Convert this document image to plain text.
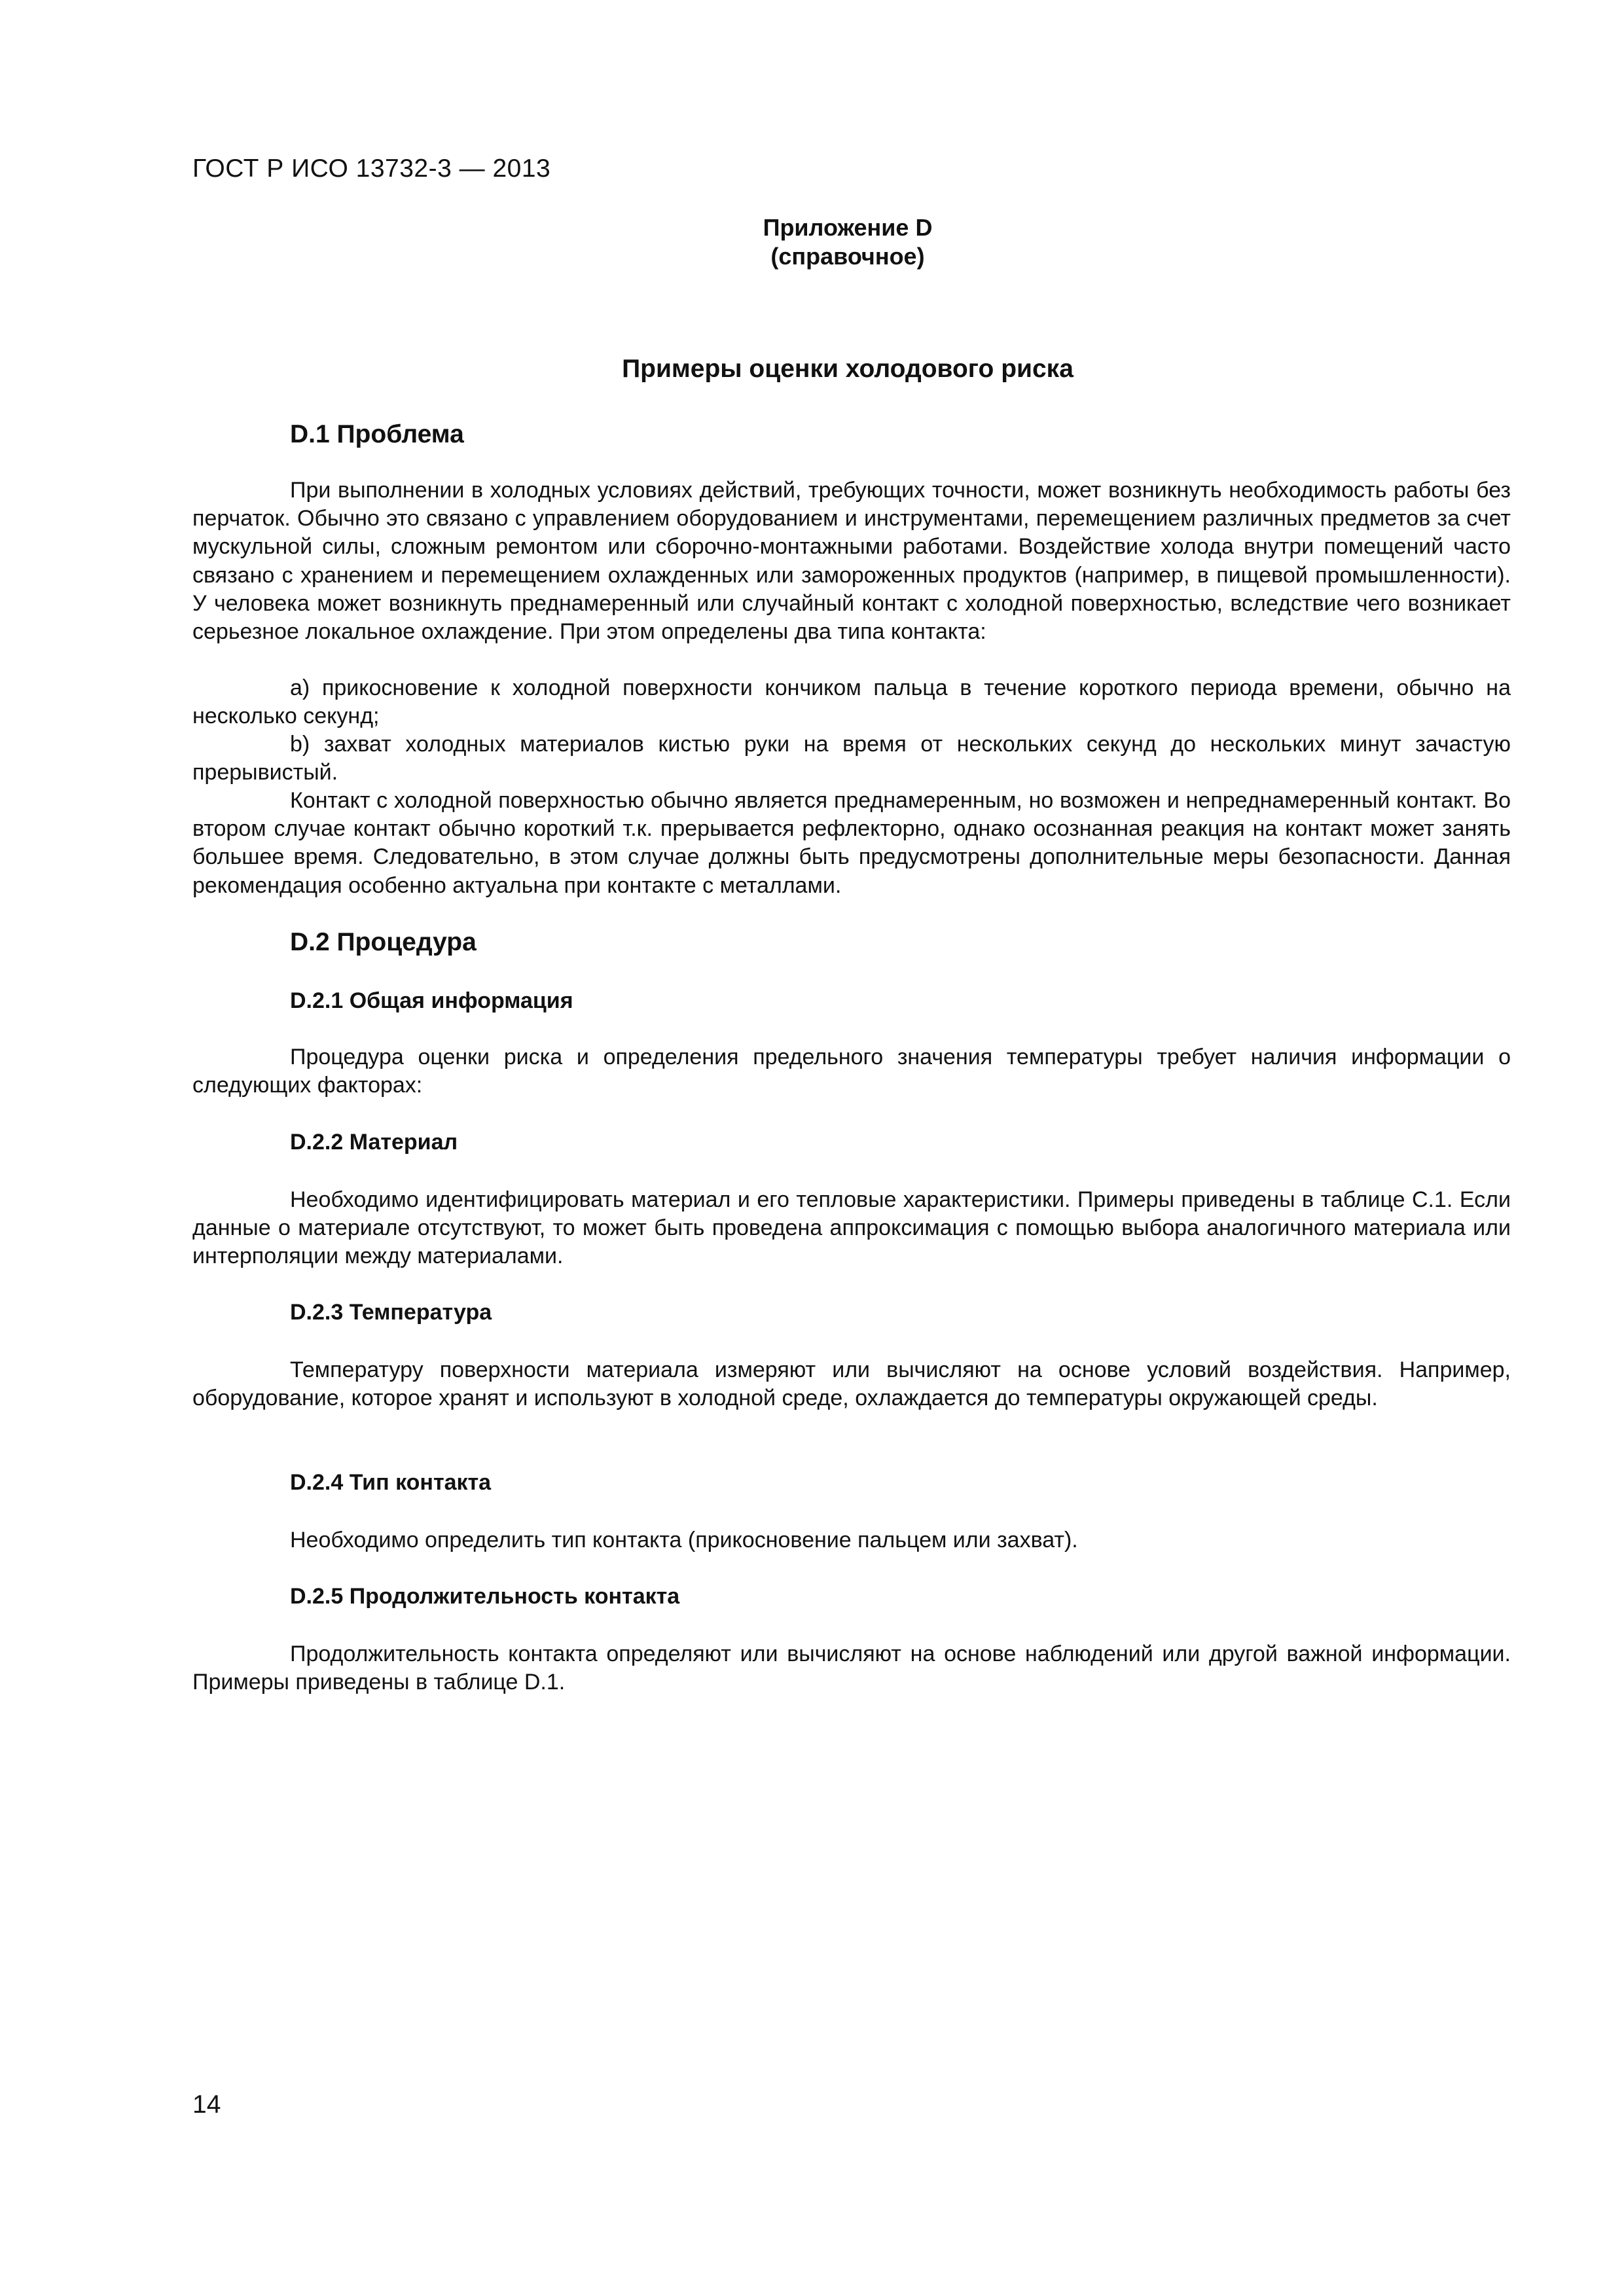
ГОСТ Р ИСО 13732-3 — 2013
Приложение D
(справочное)
Примеры оценки холодового риска
D.1 Проблема

При выполнении в холодных условиях действий, требующих точности, может возникнуть необходимость работы без перчаток. Обычно это связано с управлением оборудованием и инструментами, перемещением различных предметов за счет мускульной силы, сложным ремонтом или сборочно-монтажными работами. Воздействие холода внутри помещений часто связано с хранением и перемещением охлажденных или замороженных продуктов (например, в пищевой промышленности). У человека может возникнуть преднамеренный или случайный контакт с холодной поверхностью, вследствие чего возникает серьезное локальное охлаждение. При этом определены два типа контакта:

a) прикосновение к холодной поверхности кончиком пальца в течение короткого периода времени, обычно на несколько секунд;

b) захват холодных материалов кистью руки на время от нескольких секунд до нескольких минут зачастую прерывистый.

Контакт с холодной поверхностью обычно является преднамеренным, но возможен и непреднамеренный контакт. Во втором случае контакт обычно короткий т.к. прерывается рефлекторно, однако осознанная реакция на контакт может занять большее время. Следовательно, в этом случае должны быть предусмотрены дополнительные меры безопасности. Данная рекомендация особенно актуальна при контакте с металлами.

D.2 Процедура
D.2.1 Общая информация

Процедура оценки риска и определения предельного значения температуры требует наличия информации о следующих факторах:

D.2.2 Материал

Необходимо идентифицировать материал и его тепловые характеристики. Примеры приведены в таблице С.1. Если данные о материале отсутствуют, то может быть проведена аппроксимация с помощью выбора аналогичного материала или интерполяции между материалами.

D.2.3 Температура

Температуру поверхности материала измеряют или вычисляют на основе условий воздействия. Например, оборудование, которое хранят и используют в холодной среде, охлаждается до температуры окружающей среды.

D.2.4 Тип контакта

Необходимо определить тип контакта (прикосновение пальцем или захват).

D.2.5 Продолжительность контакта

Продолжительность контакта определяют или вычисляют на основе наблюдений или другой важной информации. Примеры приведены в таблице D.1.

14
